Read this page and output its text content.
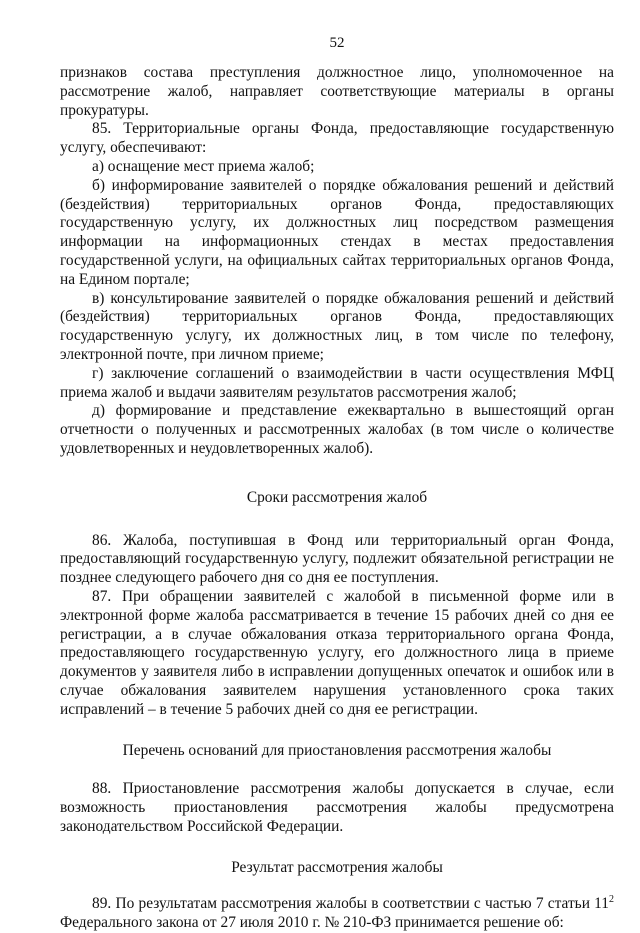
52

признаков состава преступления должностное лицо, уполномоченное на рассмотрение жалоб, направляет соответствующие материалы в органы прокуратуры.

85. Территориальные органы Фонда, предоставляющие государственную услугу, обеспечивают:

а) оснащение мест приема жалоб;

б) информирование заявителей о порядке обжалования решений и действий (бездействия) территориальных органов Фонда, предоставляющих государственную услугу, их должностных лиц посредством размещения информации на информационных стендах в местах предоставления государственной услуги, на официальных сайтах территориальных органов Фонда, на Едином портале;

в) консультирование заявителей о порядке обжалования решений и действий (бездействия) территориальных органов Фонда, предоставляющих государственную услугу, их должностных лиц, в том числе по телефону, электронной почте, при личном приеме;

г) заключение соглашений о взаимодействии в части осуществления МФЦ приема жалоб и выдачи заявителям результатов рассмотрения жалоб;

д) формирование и представление ежеквартально в вышестоящий орган отчетности о полученных и рассмотренных жалобах (в том числе о количестве удовлетворенных и неудовлетворенных жалоб).

Сроки рассмотрения жалоб

86. Жалоба, поступившая в Фонд или территориальный орган Фонда, предоставляющий государственную услугу, подлежит обязательной регистрации не позднее следующего рабочего дня со дня ее поступления.

87. При обращении заявителей с жалобой в письменной форме или в электронной форме жалоба рассматривается в течение 15 рабочих дней со дня ее регистрации, а в случае обжалования отказа территориального органа Фонда, предоставляющего государственную услугу, его должностного лица в приеме документов у заявителя либо в исправлении допущенных опечаток и ошибок или в случае обжалования заявителем нарушения установленного срока таких исправлений – в течение 5 рабочих дней со дня ее регистрации.

Перечень оснований для приостановления рассмотрения жалобы

88. Приостановление рассмотрения жалобы допускается в случае, если возможность приостановления рассмотрения жалобы предусмотрена законодательством Российской Федерации.

Результат рассмотрения жалобы

89. По результатам рассмотрения жалобы в соответствии с частью 7 статьи $11^2$ Федерального закона от 27 июля 2010 г. № 210-ФЗ принимается решение об:
